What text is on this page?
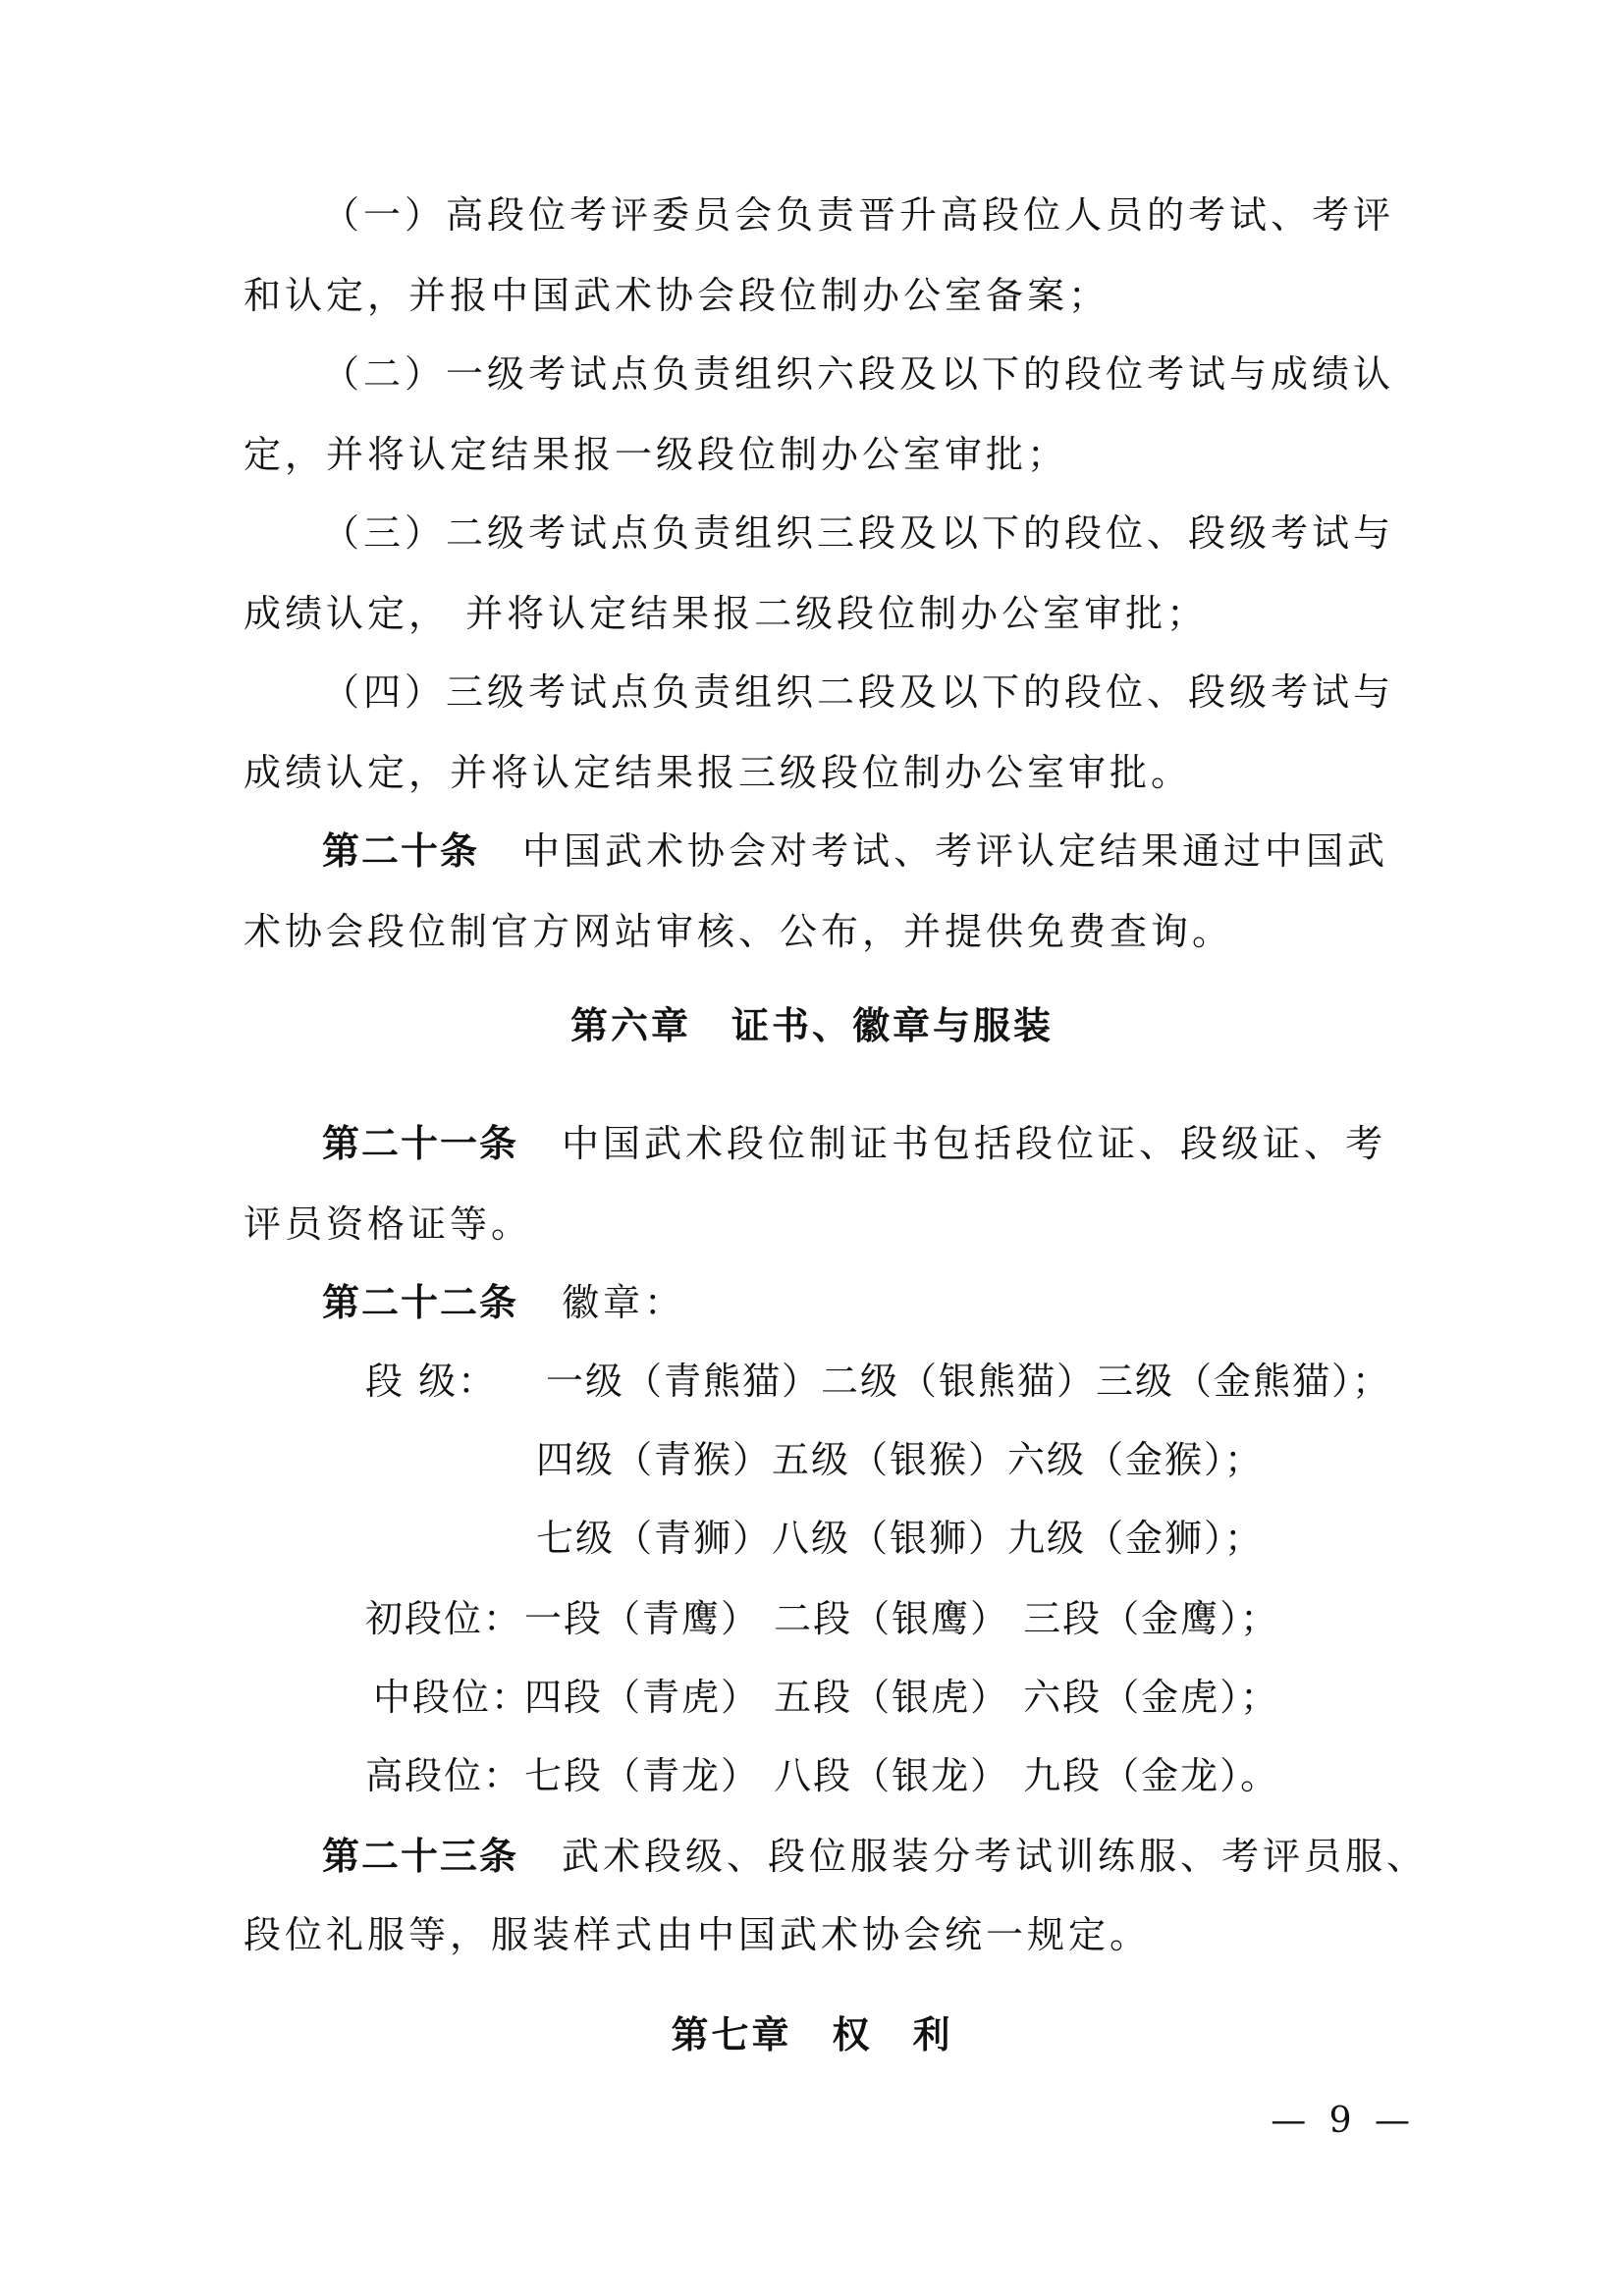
（一）高段位考评委员会负责晋升高段位人员的考试、考评
和认定，并报中国武术协会段位制办公室备案；
（二）一级考试点负责组织六段及以下的段位考试与成绩认
定，并将认定结果报一级段位制办公室审批；
（三）二级考试点负责组织三段及以下的段位、段级考试与
成绩认定， 并将认定结果报二级段位制办公室审批；
（四）三级考试点负责组织二段及以下的段位、段级考试与
成绩认定，并将认定结果报三级段位制办公室审批。
第二十条 中国武术协会对考试、考评认定结果通过中国武
术协会段位制官方网站审核、公布，并提供免费查询。
第六章　证书、徽章与服装
第二十一条 中国武术段位制证书包括段位证、段级证、考
评员资格证等。
第二十二条 徽章：
段 级： 一级（青熊猫）二级（银熊猫）三级（金熊猫）；
四级（青猴）五级（银猴）六级（金猴）；
七级（青狮）八级（银狮）九级（金狮）；
初段位： 一段（青鹰） 二段（银鹰） 三段（金鹰）；
中段位：
四段（青虎） 五段（银虎） 六段（金虎）；
高段位： 七段（青龙） 八段（银龙） 九段（金龙）。
第二十三条 武术段级、段位服装分考试训练服、考评员服、
段位礼服等，服装样式由中国武术协会统一规定。
第七章　权　利
— 9 —
